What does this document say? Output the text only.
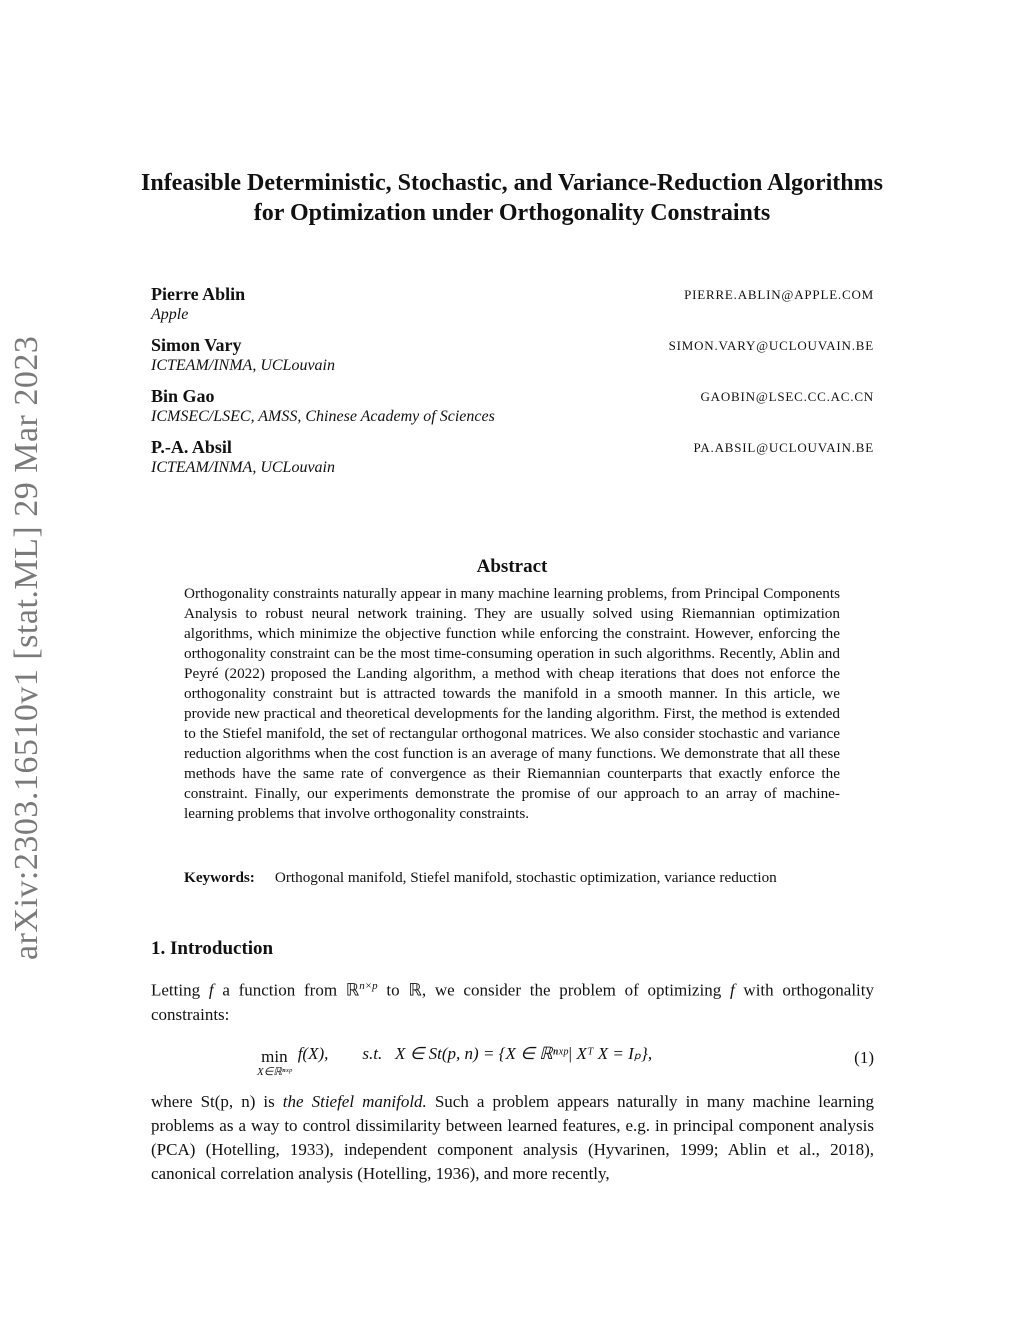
arXiv:2303.16510v1 [stat.ML] 29 Mar 2023
Infeasible Deterministic, Stochastic, and Variance-Reduction Algorithms for Optimization under Orthogonality Constraints
Pierre Ablin	PIERRE.ABLIN@APPLE.COM
Apple
Simon Vary	SIMON.VARY@UCLOUVAIN.BE
ICTEAM/INMA, UCLouvain
Bin Gao	GAOBIN@LSEC.CC.AC.CN
ICMSEC/LSEC, AMSS, Chinese Academy of Sciences
P.-A. Absil	PA.ABSIL@UCLOUVAIN.BE
ICTEAM/INMA, UCLouvain
Abstract
Orthogonality constraints naturally appear in many machine learning problems, from Principal Components Analysis to robust neural network training. They are usually solved using Riemannian optimization algorithms, which minimize the objective function while enforcing the constraint. However, enforcing the orthogonality constraint can be the most time-consuming operation in such algorithms. Recently, Ablin and Peyré (2022) proposed the Landing algorithm, a method with cheap iterations that does not enforce the orthogonality constraint but is attracted towards the manifold in a smooth manner. In this article, we provide new practical and theoretical developments for the landing algorithm. First, the method is extended to the Stiefel manifold, the set of rectangular orthogonal matrices. We also consider stochastic and variance reduction algorithms when the cost function is an average of many functions. We demonstrate that all these methods have the same rate of convergence as their Riemannian counterparts that exactly enforce the constraint. Finally, our experiments demonstrate the promise of our approach to an array of machine-learning problems that involve orthogonality constraints.
Keywords: Orthogonal manifold, Stiefel manifold, stochastic optimization, variance reduction
1. Introduction
Letting f a function from ℝ$^{n\times p}$ to ℝ, we consider the problem of optimizing f with orthogonality constraints:
min
X∈ℝⁿˣᵖ
f(X),        s.t.   X ∈ St(p, n) = {X ∈ ℝⁿˣᵖ| Xᵀ X = Iₚ},	(1)
where St(p, n) is the Stiefel manifold. Such a problem appears naturally in many machine learning problems as a way to control dissimilarity between learned features, e.g. in principal component analysis (PCA) (Hotelling, 1933), independent component analysis (Hyvarinen, 1999; Ablin et al., 2018), canonical correlation analysis (Hotelling, 1936), and more recently,
